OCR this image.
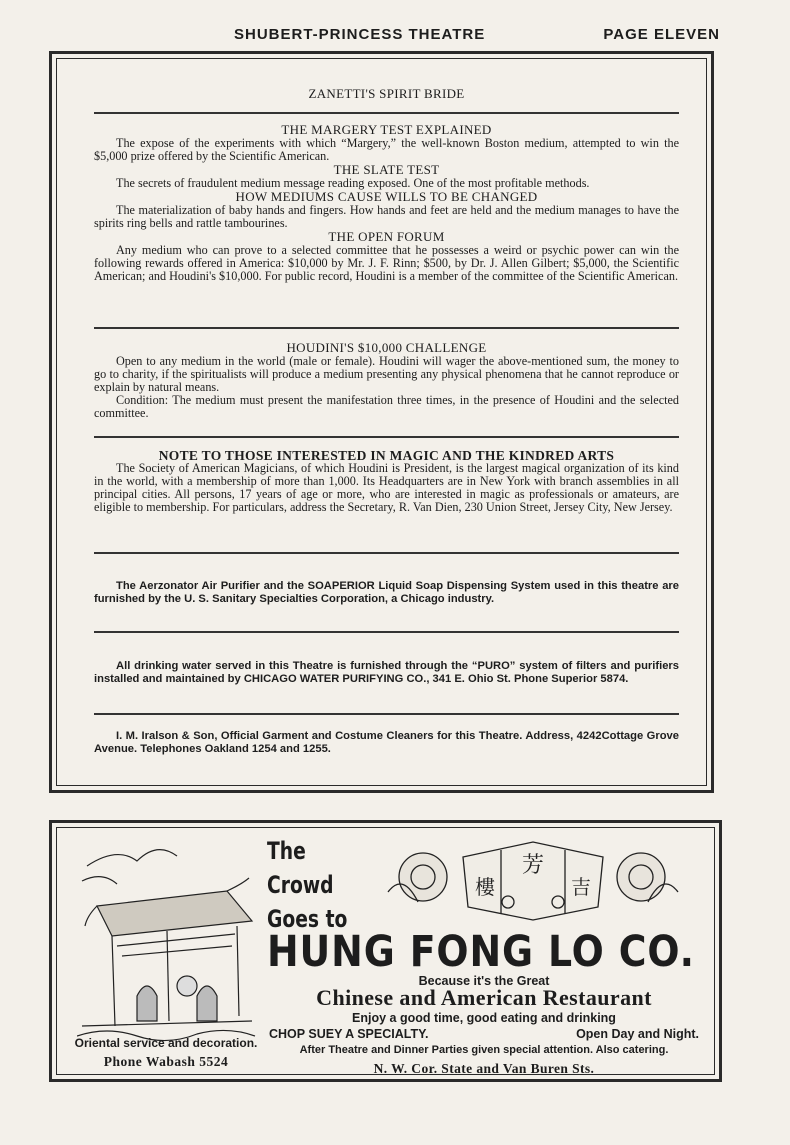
SHUBERT-PRINCESS THEATRE	PAGE ELEVEN
ZANETTI'S SPIRIT BRIDE
THE MARGERY TEST EXPLAINED

The expose of the experiments with which “Margery,” the well-known Boston medium, attempted to win the $5,000 prize offered by the Scientific American.

THE SLATE TEST

The secrets of fraudulent medium message reading exposed. One of the most profitable methods.

HOW MEDIUMS CAUSE WILLS TO BE CHANGED

The materialization of baby hands and fingers. How hands and feet are held and the medium manages to have the spirits ring bells and rattle tambourines.

THE OPEN FORUM

Any medium who can prove to a selected committee that he possesses a weird or psychic power can win the following rewards offered in America: $10,000 by Mr. J. F. Rinn; $500, by Dr. J. Allen Gilbert; $5,000, the Scientific American; and Houdini's $10,000. For public record, Houdini is a member of the committee of the Scientific American.

HOUDINI'S $10,000 CHALLENGE

Open to any medium in the world (male or female). Houdini will wager the above-mentioned sum, the money to go to charity, if the spiritualists will produce a medium presenting any physical phenomena that he cannot reproduce or explain by natural means.

Condition: The medium must present the manifestation three times, in the presence of Houdini and the selected committee.

NOTE TO THOSE INTERESTED IN MAGIC AND THE KINDRED ARTS

The Society of American Magicians, of which Houdini is President, is the largest magical organization of its kind in the world, with a membership of more than 1,000. Its Headquarters are in New York with branch assemblies in all principal cities. All persons, 17 years of age or more, who are interested in magic as professionals or amateurs, are eligible to membership. For particulars, address the Secretary, R. Van Dien, 230 Union Street, Jersey City, New Jersey.

The Aerzonator Air Purifier and the SOAPERIOR Liquid Soap Dispensing System used in this theatre are furnished by the U. S. Sanitary Specialties Corporation, a Chicago industry.

All drinking water served in this Theatre is furnished through the “PURO” system of filters and purifiers installed and maintained by CHICAGO WATER PURIFYING CO., 341 E. Ohio St. Phone Superior 5874.

I. M. Iralson & Son, Official Garment and Costume Cleaners for this Theatre. Address, 4242Cottage Grove Avenue. Telephones Oakland 1254 and 1255.

Oriental service and decoration.
Phone Wabash 5524
The
Crowd
Goes to
芳
樓	吉
HUNG FONG LO CO.
Because it's the Great
Chinese and American Restaurant
Enjoy a good time, good eating and drinking
CHOP SUEY A SPECIALTY.	Open Day and Night.
After Theatre and Dinner Parties given special attention. Also catering.
N. W. Cor. State and Van Buren Sts.
